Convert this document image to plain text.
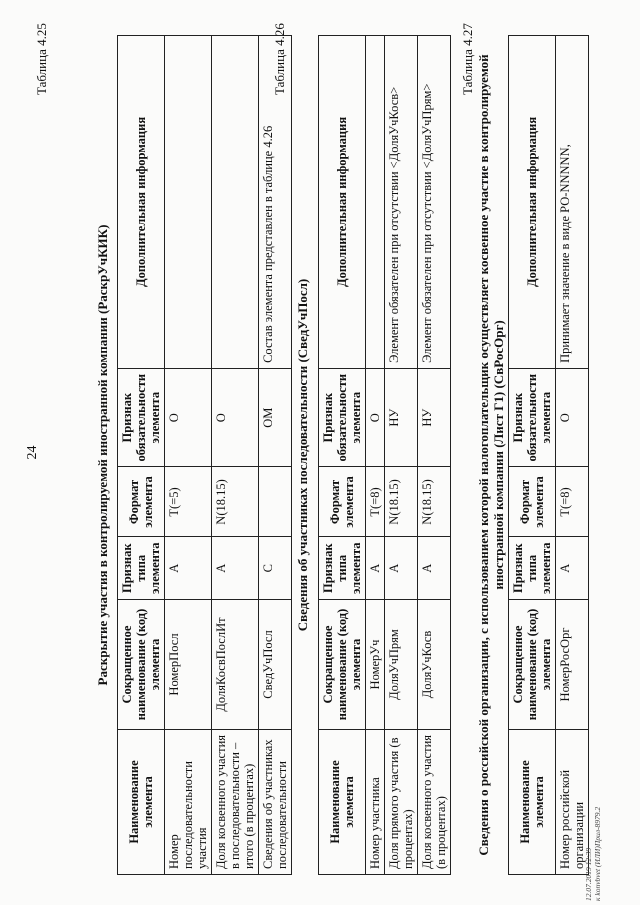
24
Таблица 4.25
Раскрытие участия в контролируемой иностранной компании (РаскрУчКИК)
Наименование элемента	Сокращенное наименование (код) элемента	Признак типа элемента	Формат элемента	Признак обязательности элемента	Дополнительная информация
Номер последовательности участия	НомерПосл	А	T(=5)	О	
Доля косвенного участия в последовательности – итого (в процентах)	ДоляКосвПослИт	А	N(18.15)	О	
Сведения об участниках последовательности	СведУчПосл	С		ОМ	Состав элемента представлен в таблице 4.26
Таблица 4.26
Сведения об участниках последовательности (СведУчПосл)
Наименование элемента	Сокращенное наименование (код) элемента	Признак типа элемента	Формат элемента	Признак обязательности элемента	Дополнительная информация
Номер участника	НомерУч	А	T(=8)	О	
Доля прямого участия (в процентах)	ДоляУчПрям	А	N(18.15)	НУ	Элемент обязателен при отсутствии <ДоляУчКосв>
Доля косвенного участия (в процентах)	ДоляУчКосв	А	N(18.15)	НУ	Элемент обязателен при отсутствии <ДоляУчПрям>
Таблица 4.27 Сведения о российской организации, с использованием которой налогоплательщик осуществляет косвенное участие в контролируемой иностранной компании (Лист Г1) (СвРосОрг)
Наименование элемента	Сокращенное наименование (код) элемента	Признак типа элемента	Формат элемента	Признак обязательности элемента	Дополнительная информация
Номер российской организации	НомерРосОрг	А	T(=8)	О	Принимает значение в виде РО-NNNNN,
12.07.2019 12:39 к konvbvet (ИЛИ)Прил-8979.2
